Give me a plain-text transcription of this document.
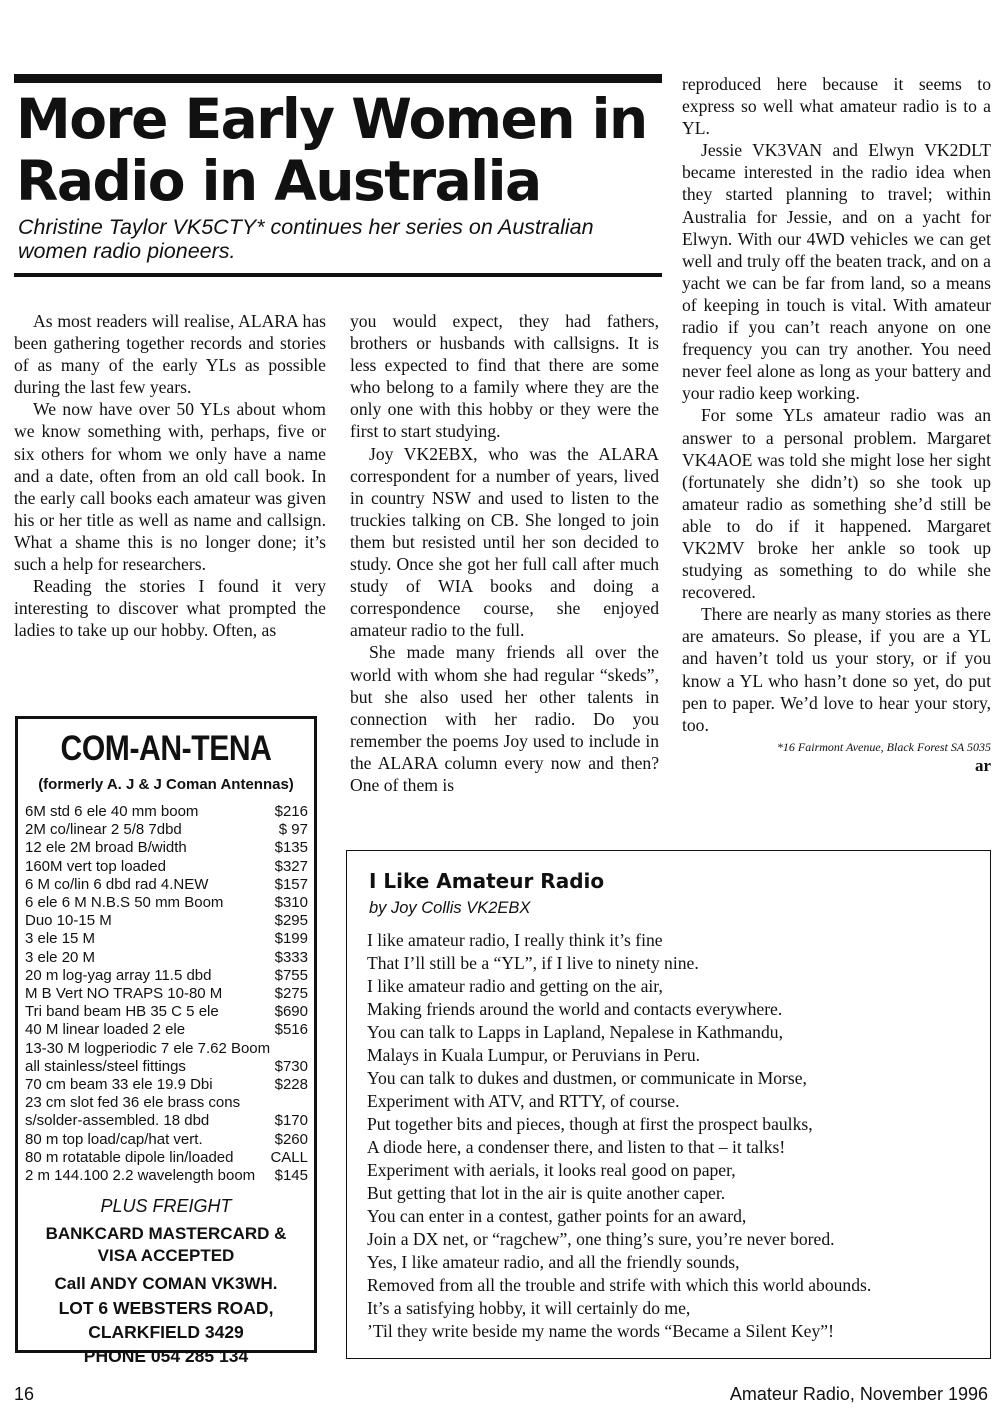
More Early Women in Radio in Australia

Christine Taylor VK5CTY* continues her series on Australian women radio pioneers.

As most readers will realise, ALARA has been gathering together records and stories of as many of the early YLs as possible during the last few years.

We now have over 50 YLs about whom we know something with, perhaps, five or six others for whom we only have a name and a date, often from an old call book. In the early call books each amateur was given his or her title as well as name and callsign. What a shame this is no longer done; it’s such a help for researchers.

Reading the stories I found it very interesting to discover what prompted the ladies to take up our hobby. Often, as

you would expect, they had fathers, brothers or husbands with callsigns. It is less expected to find that there are some who belong to a family where they are the only one with this hobby or they were the first to start studying.

Joy VK2EBX, who was the ALARA correspondent for a number of years, lived in country NSW and used to listen to the truckies talking on CB. She longed to join them but resisted until her son decided to study. Once she got her full call after much study of WIA books and doing a correspondence course, she enjoyed amateur radio to the full.

She made many friends all over the world with whom she had regular “skeds”, but she also used her other talents in connection with her radio. Do you remember the poems Joy used to include in the ALARA column every now and then? One of them is

reproduced here because it seems to express so well what amateur radio is to a YL.

Jessie VK3VAN and Elwyn VK2DLT became interested in the radio idea when they started planning to travel; within Australia for Jessie, and on a yacht for Elwyn. With our 4WD vehicles we can get well and truly off the beaten track, and on a yacht we can be far from land, so a means of keeping in touch is vital. With amateur radio if you can’t reach anyone on one frequency you can try another. You need never feel alone as long as your battery and your radio keep working.

For some YLs amateur radio was an answer to a personal problem. Margaret VK4AOE was told she might lose her sight (fortunately she didn’t) so she took up amateur radio as something she’d still be able to do if it happened. Margaret VK2MV broke her ankle so took up studying as something to do while she recovered.

There are nearly as many stories as there are amateurs. So please, if you are a YL and haven’t told us your story, or if you know a YL who hasn’t done so yet, do put pen to paper. We’d love to hear your story, too.

*16 Fairmont Avenue, Black Forest SA 5035
ar
COM-AN-TENA
(formerly A. J & J Coman Antennas)
6M std 6 ele 40 mm boom	$216
2M co/linear 2 5/8 7dbd	$ 97
12 ele 2M broad B/width	$135
160M vert top loaded	$327
6 M co/lin 6 dbd rad 4.NEW	$157
6 ele 6 M N.B.S 50 mm Boom	$310
Duo 10-15 M	$295
3 ele 15 M	$199
3 ele 20 M	$333
20 m log-yag array 11.5 dbd	$755
M B Vert NO TRAPS 10-80 M	$275
Tri band beam HB 35 C 5 ele	$690
40 M linear loaded 2 ele	$516
13-30 M logperiodic 7 ele 7.62 Boom
all stainless/steel fittings	$730
70 cm beam 33 ele 19.9 Dbi	$228
23 cm slot fed 36 ele brass cons
s/solder-assembled. 18 dbd	$170
80 m top load/cap/hat vert.	$260
80 m rotatable dipole lin/loaded CALL
2 m 144.100 2.2 wavelength boom $145
PLUS FREIGHT
BANKCARD MASTERCARD &
VISA ACCEPTED
Call ANDY COMAN VK3WH.
LOT 6 WEBSTERS ROAD,
CLARKFIELD 3429
PHONE 054 285 134
I Like Amateur Radio

by Joy Collis VK2EBX

I like amateur radio, I really think it’s fine
That I’ll still be a “YL”, if I live to ninety nine.
I like amateur radio and getting on the air,
Making friends around the world and contacts everywhere.
You can talk to Lapps in Lapland, Nepalese in Kathmandu,
Malays in Kuala Lumpur, or Peruvians in Peru.
You can talk to dukes and dustmen, or communicate in Morse,
Experiment with ATV, and RTTY, of course.
Put together bits and pieces, though at first the prospect baulks,
A diode here, a condenser there, and listen to that – it talks!
Experiment with aerials, it looks real good on paper,
But getting that lot in the air is quite another caper.
You can enter in a contest, gather points for an award,
Join a DX net, or “ragchew”, one thing’s sure, you’re never bored.
Yes, I like amateur radio, and all the friendly sounds,
Removed from all the trouble and strife with which this world abounds.
It’s a satisfying hobby, it will certainly do me,
’Til they write beside my name the words “Became a Silent Key”!
16	Amateur Radio, November 1996
